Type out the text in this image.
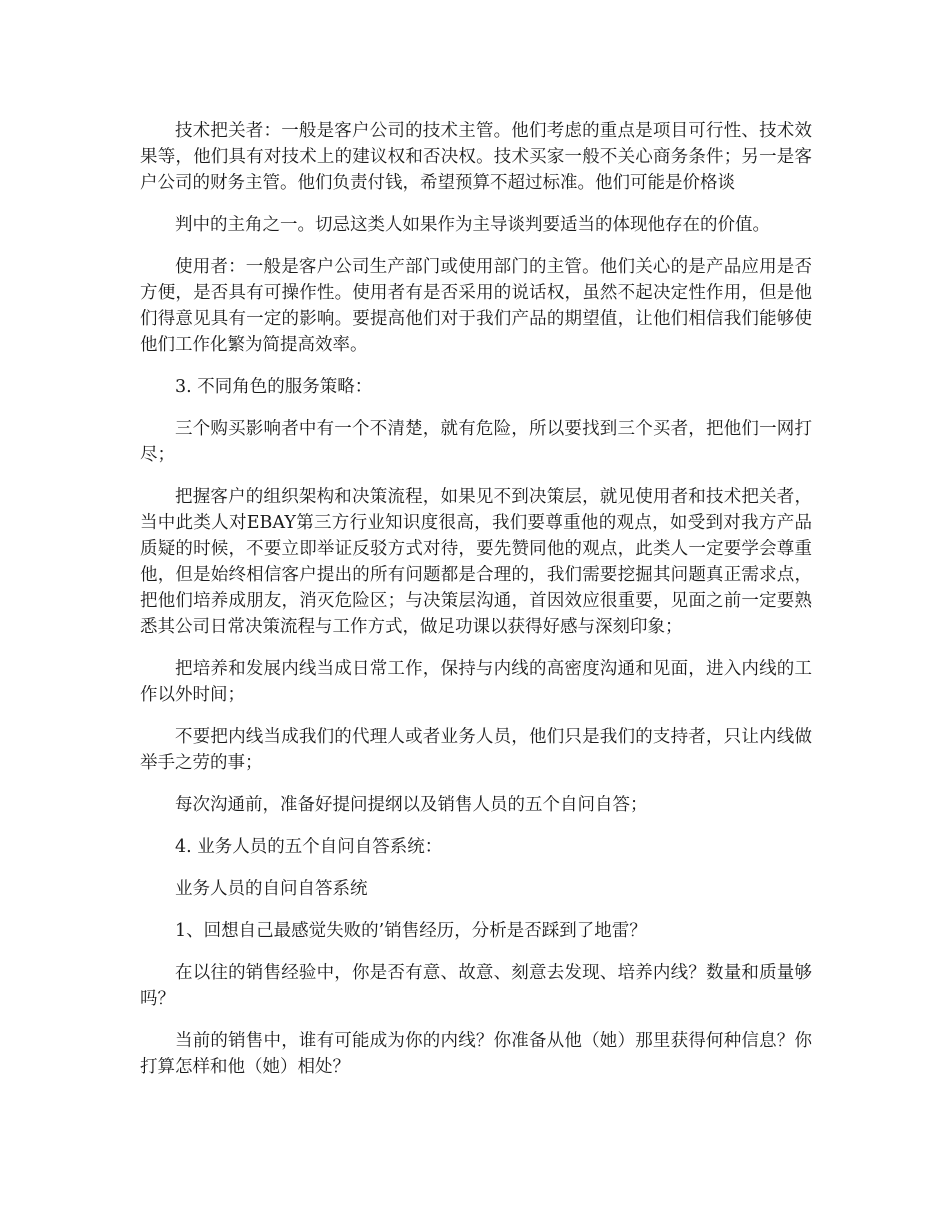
技术把关者：一般是客户公司的技术主管。他们考虑的重点是项目可行性、技术效果等，他们具有对技术上的建议权和否决权。技术买家一般不关心商务条件；另一是客户公司的财务主管。他们负责付钱，希望预算不超过标准。他们可能是价格谈

判中的主角之一。切忌这类人如果作为主导谈判要适当的体现他存在的价值。

使用者：一般是客户公司生产部门或使用部门的主管。他们关心的是产品应用是否方便，是否具有可操作性。使用者有是否采用的说话权，虽然不起决定性作用，但是他们得意见具有一定的影响。要提高他们对于我们产品的期望值，让他们相信我们能够使他们工作化繁为简提高效率。

3. 不同角色的服务策略：

三个购买影响者中有一个不清楚，就有危险，所以要找到三个买者，把他们一网打尽；

把握客户的组织架构和决策流程，如果见不到决策层，就见使用者和技术把关者，当中此类人对EBAY第三方行业知识度很高，我们要尊重他的观点，如受到对我方产品质疑的时候，不要立即举证反驳方式对待，要先赞同他的观点，此类人一定要学会尊重他，但是始终相信客户提出的所有问题都是合理的，我们需要挖掘其问题真正需求点，把他们培养成朋友，消灭危险区；与决策层沟通，首因效应很重要，见面之前一定要熟悉其公司日常决策流程与工作方式，做足功课以获得好感与深刻印象；

把培养和发展内线当成日常工作，保持与内线的高密度沟通和见面，进入内线的工作以外时间；

不要把内线当成我们的代理人或者业务人员，他们只是我们的支持者，只让内线做举手之劳的事；

每次沟通前，准备好提问提纲以及销售人员的五个自问自答；

4. 业务人员的五个自问自答系统：

业务人员的自问自答系统

1、回想自己最感觉失败的’销售经历，分析是否踩到了地雷？

在以往的销售经验中，你是否有意、故意、刻意去发现、培养内线？数量和质量够吗？

当前的销售中，谁有可能成为你的内线？你准备从他（她）那里获得何种信息？你打算怎样和他（她）相处？
